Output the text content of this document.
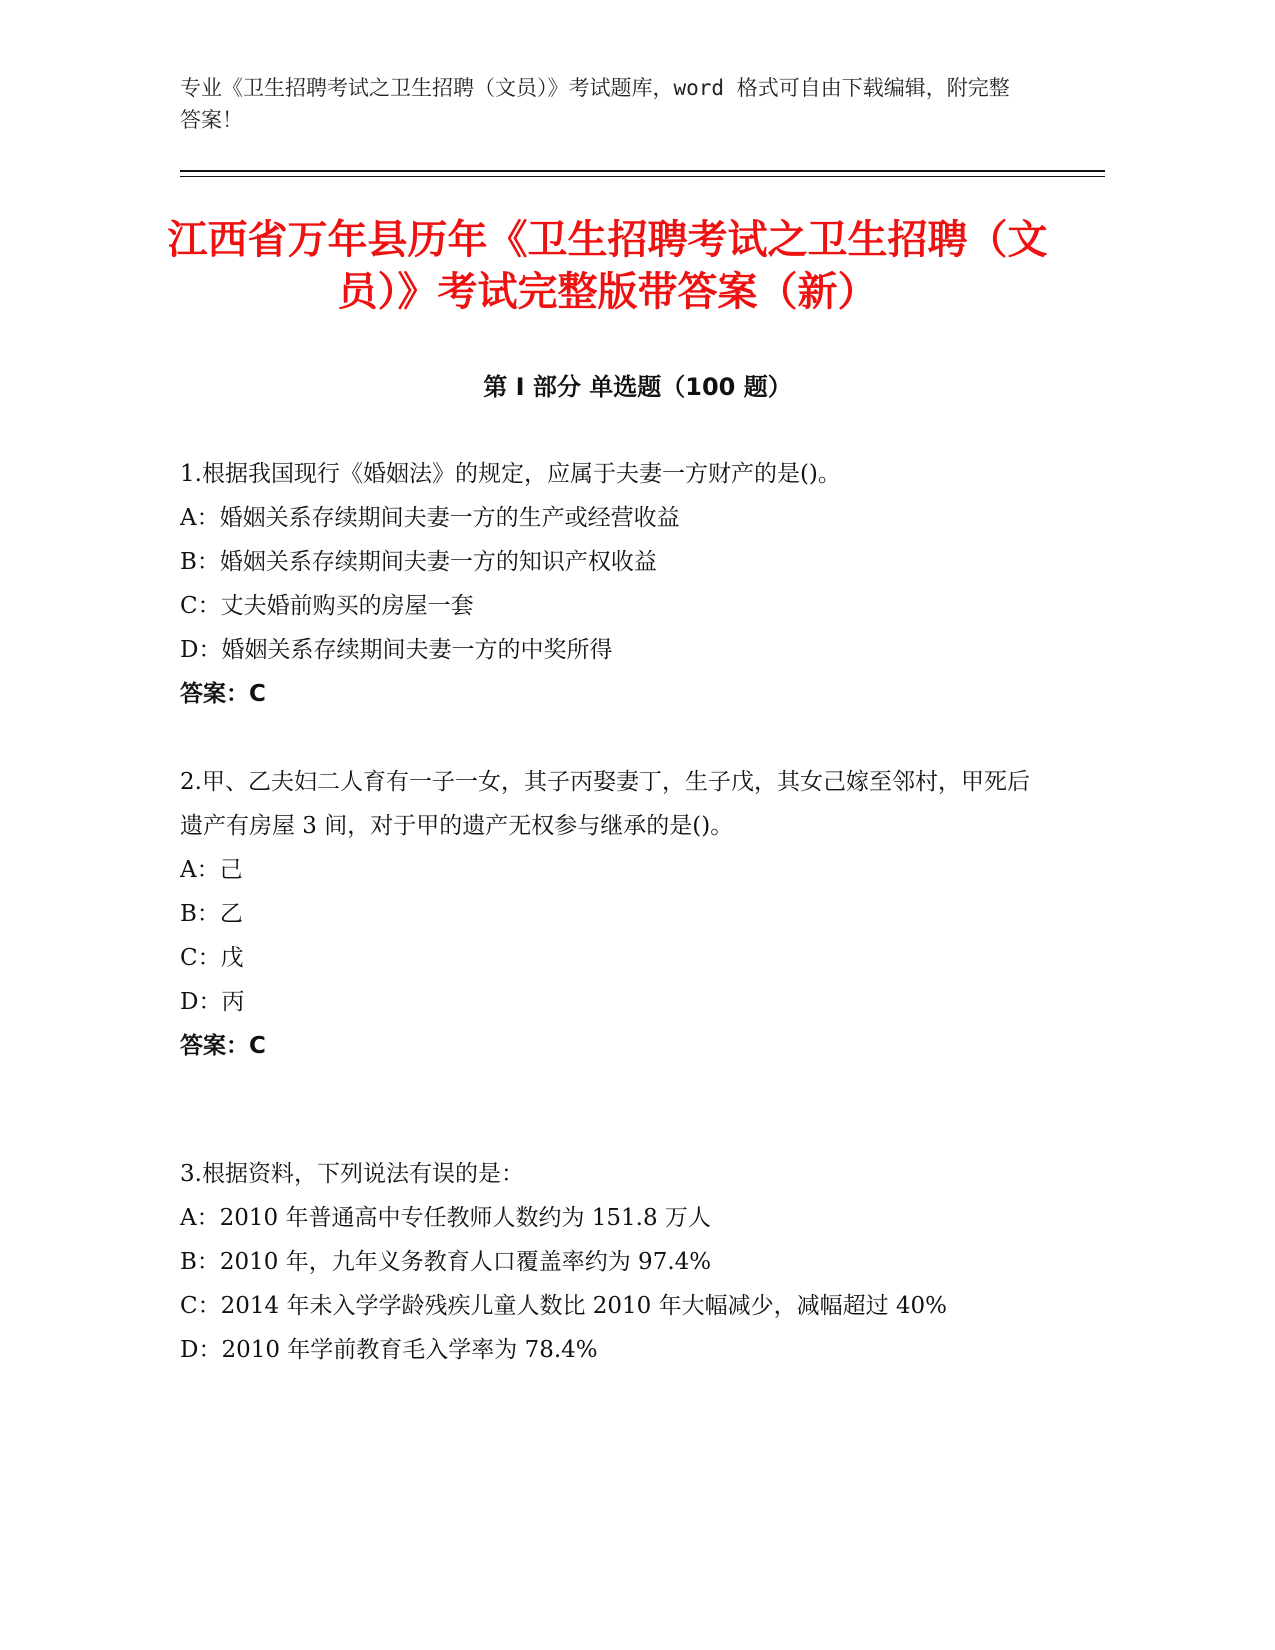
专业《卫生招聘考试之卫生招聘（文员）》考试题库，word 格式可自由下载编辑，附完整答案！
江西省万年县历年《卫生招聘考试之卫生招聘（文员）》考试完整版带答案（新）
第 I 部分 单选题（100 题）
1.根据我国现行《婚姻法》的规定，应属于夫妻一方财产的是()。
A：婚姻关系存续期间夫妻一方的生产或经营收益
B：婚姻关系存续期间夫妻一方的知识产权收益
C：丈夫婚前购买的房屋一套
D：婚姻关系存续期间夫妻一方的中奖所得
答案：C
2.甲、乙夫妇二人育有一子一女，其子丙娶妻丁，生子戊，其女己嫁至邻村，甲死后遗产有房屋 3 间，对于甲的遗产无权参与继承的是()。
A：己
B：乙
C：戊
D：丙
答案：C
3.根据资料，下列说法有误的是：
A：2010 年普通高中专任教师人数约为 151.8 万人
B：2010 年，九年义务教育人口覆盖率约为 97.4%
C：2014 年未入学学龄残疾儿童人数比 2010 年大幅减少，减幅超过 40%
D：2010 年学前教育毛入学率为 78.4%
